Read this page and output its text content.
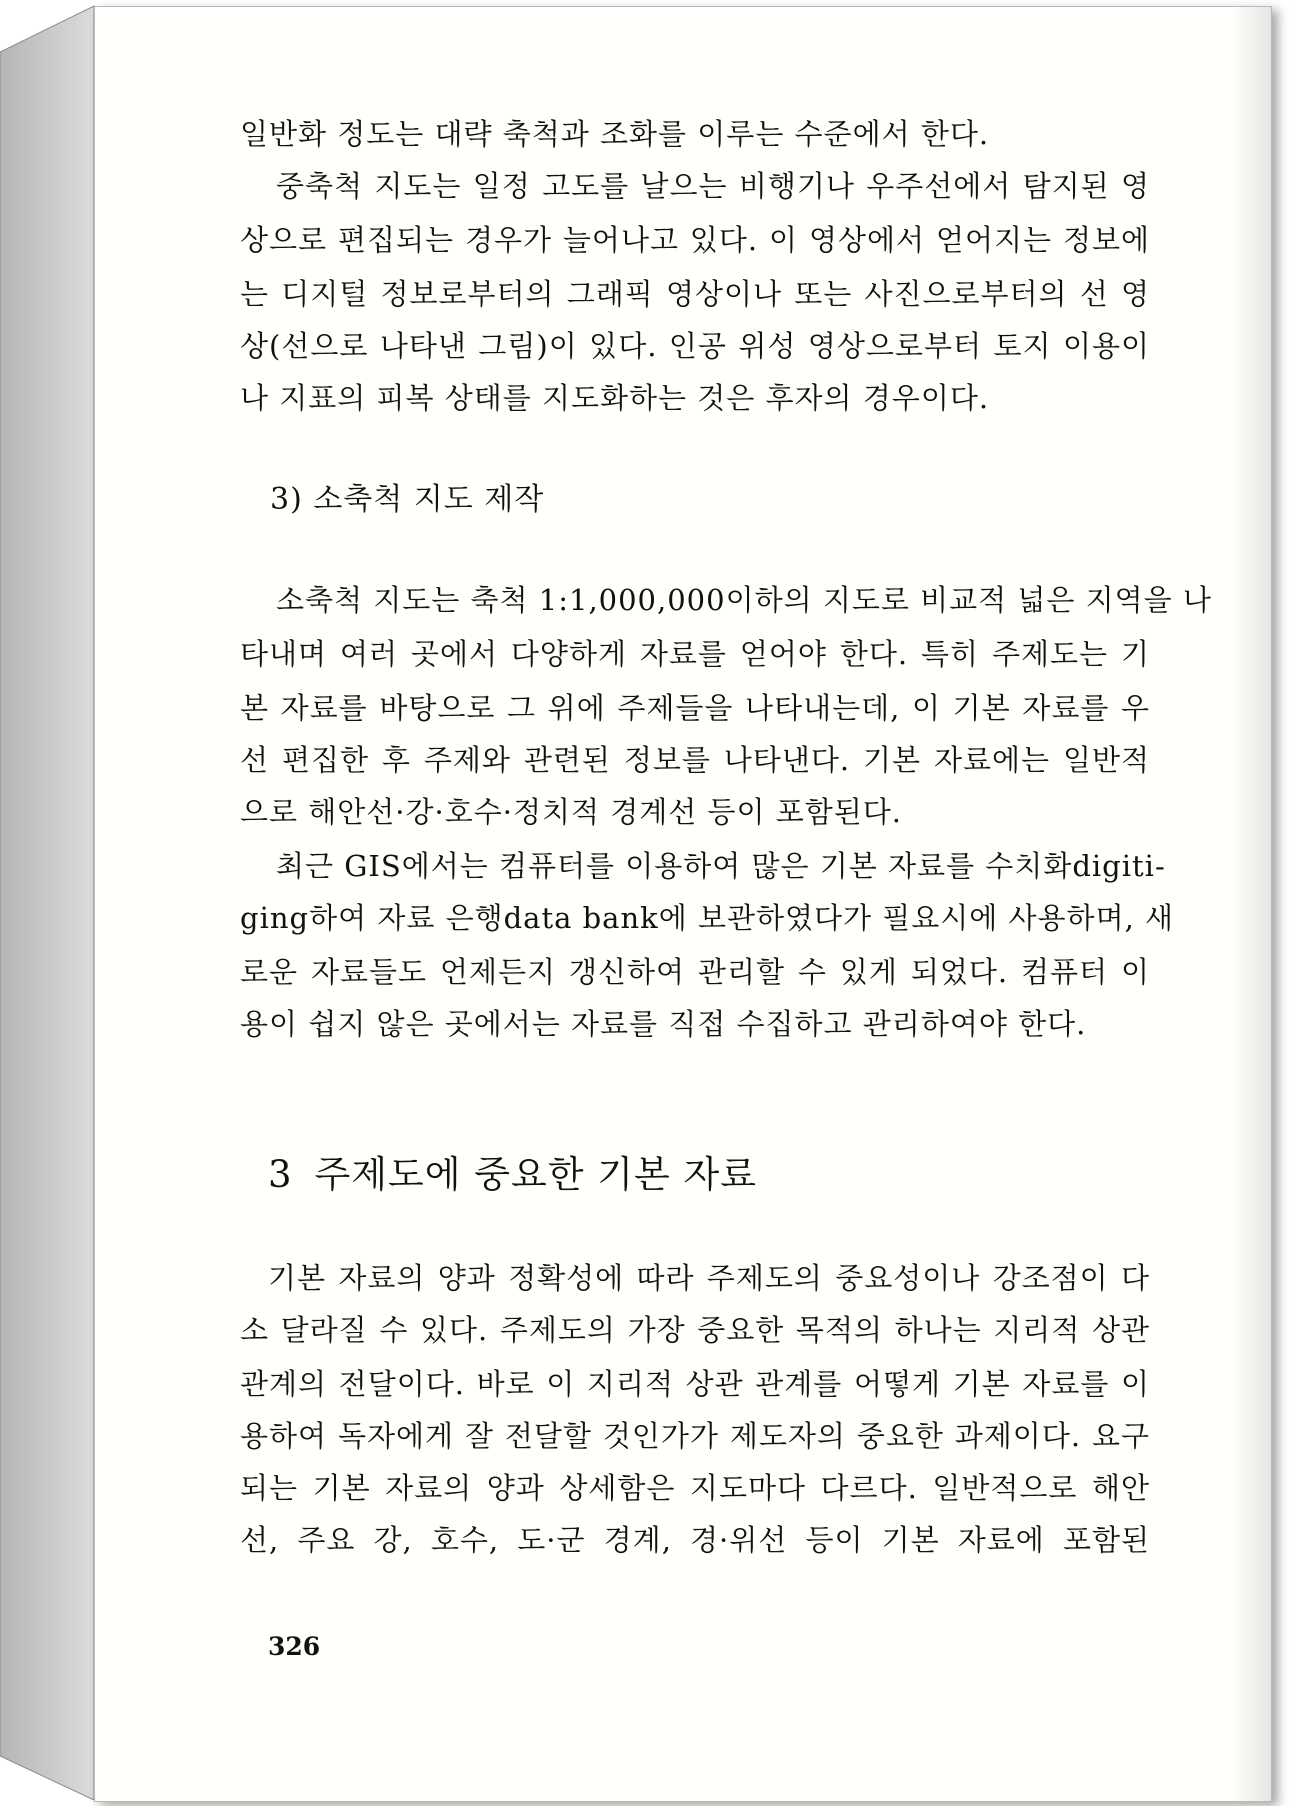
일반화 정도는 대략 축척과 조화를 이루는 수준에서 한다.
중축척 지도는 일정 고도를 날으는 비행기나 우주선에서 탐지된 영
상으로 편집되는 경우가 늘어나고 있다. 이 영상에서 얻어지는 정보에
는 디지털 정보로부터의 그래픽 영상이나 또는 사진으로부터의 선 영
상(선으로 나타낸 그림)이 있다. 인공 위성 영상으로부터 토지 이용이
나 지표의 피복 상태를 지도화하는 것은 후자의 경우이다.
3) 소축척 지도 제작
소축척 지도는 축척 1:1,000,000이하의 지도로 비교적 넓은 지역을 나
타내며 여러 곳에서 다양하게 자료를 얻어야 한다. 특히 주제도는 기
본 자료를 바탕으로 그 위에 주제들을 나타내는데, 이 기본 자료를 우
선 편집한 후 주제와 관련된 정보를 나타낸다. 기본 자료에는 일반적
으로 해안선·강·호수·정치적 경계선 등이 포함된다.
최근 GIS에서는 컴퓨터를 이용하여 많은 기본 자료를 수치화digiti-
ging하여 자료 은행data bank에 보관하였다가 필요시에 사용하며, 새
로운 자료들도 언제든지 갱신하여 관리할 수 있게 되었다. 컴퓨터 이
용이 쉽지 않은 곳에서는 자료를 직접 수집하고 관리하여야 한다.
3 주제도에 중요한 기본 자료
기본 자료의 양과 정확성에 따라 주제도의 중요성이나 강조점이 다
소 달라질 수 있다. 주제도의 가장 중요한 목적의 하나는 지리적 상관
관계의 전달이다. 바로 이 지리적 상관 관계를 어떻게 기본 자료를 이
용하여 독자에게 잘 전달할 것인가가 제도자의 중요한 과제이다. 요구
되는 기본 자료의 양과 상세함은 지도마다 다르다. 일반적으로 해안
선, 주요 강, 호수, 도·군 경계, 경·위선 등이 기본 자료에 포함된
326
